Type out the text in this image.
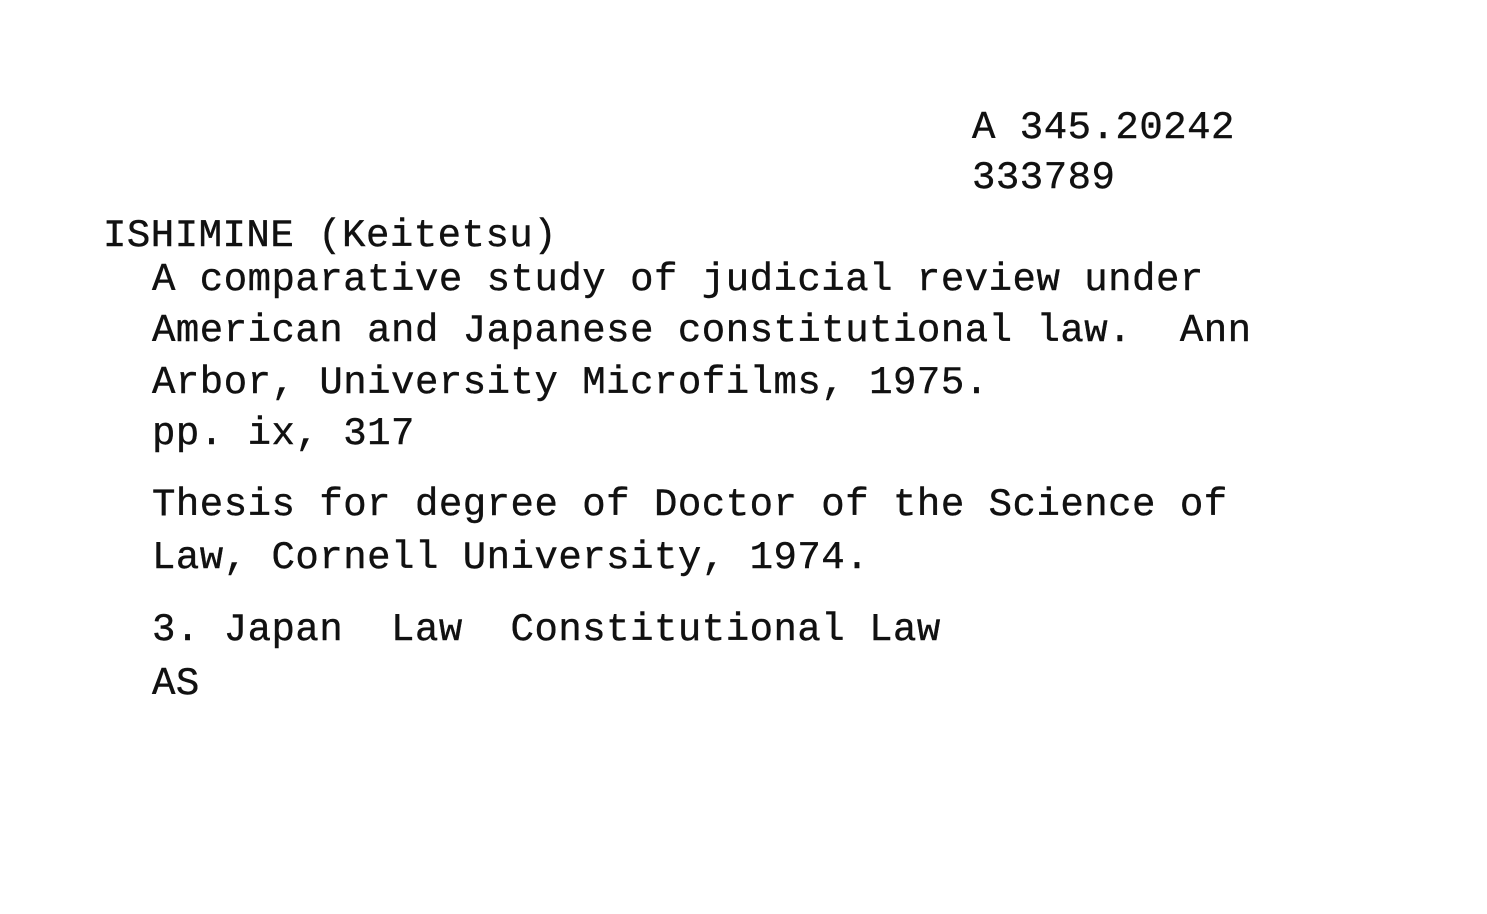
A 345.20242
333789
ISHIMINE (Keitetsu)
A comparative study of judicial review under
American and Japanese constitutional law.  Ann
Arbor, University Microfilms, 1975.
pp. ix, 317
Thesis for degree of Doctor of the Science of
Law, Cornell University, 1974.
3. Japan  Law  Constitutional Law
AS
